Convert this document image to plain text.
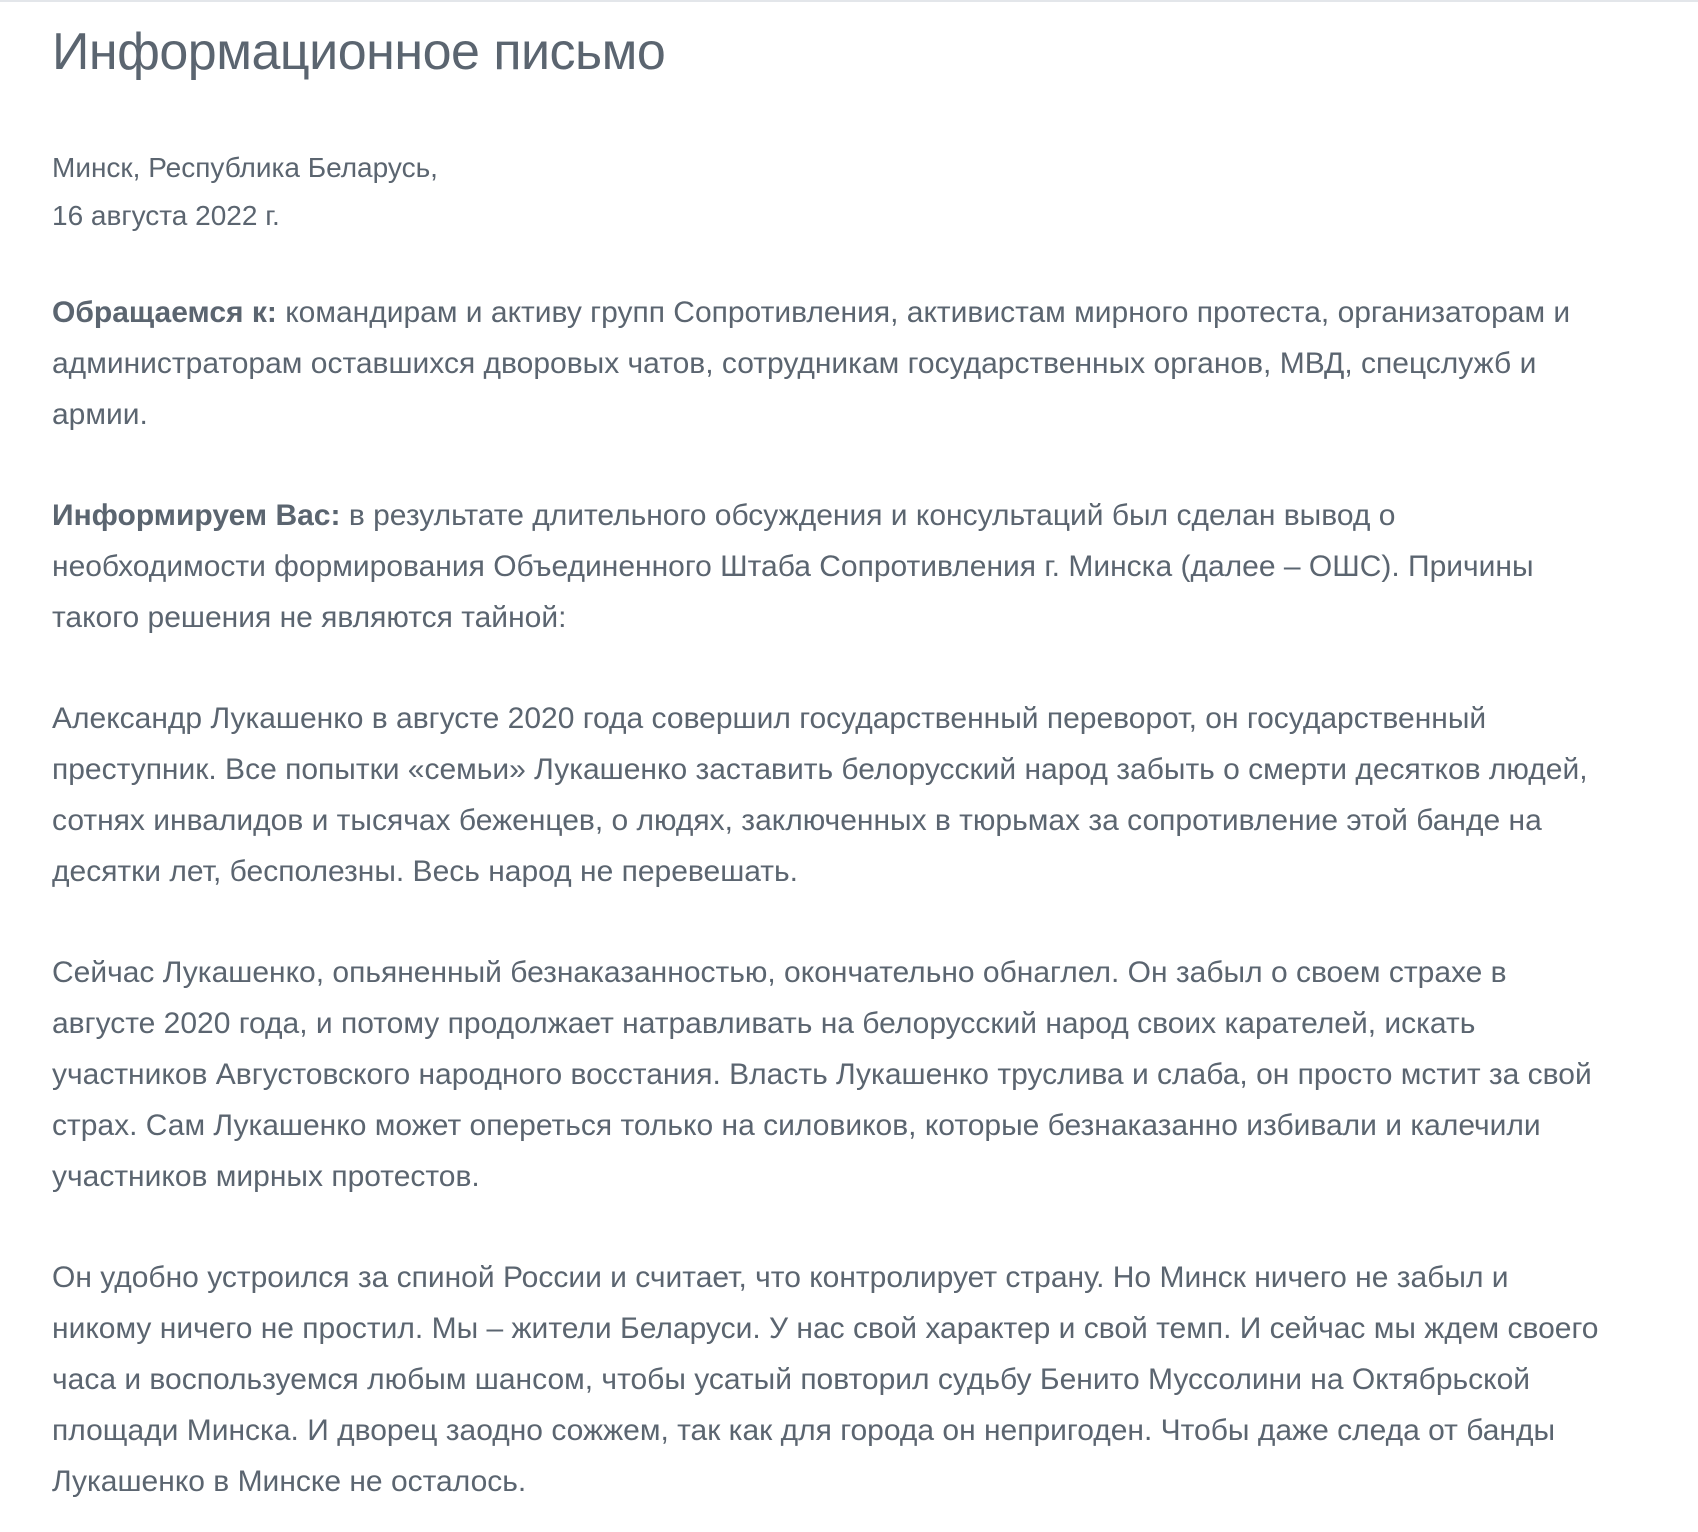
Информационное письмо
Минск, Республика Беларусь,
16 августа 2022 г.

Обращаемся к: командирам и активу групп Сопротивления, активистам мирного протеста, организаторам и администраторам оставшихся дворовых чатов, сотрудникам государственных органов, МВД, спецслужб и армии.

Информируем Вас: в результате длительного обсуждения и консультаций был сделан вывод о необходимости формирования Объединенного Штаба Сопротивления г. Минска (далее – ОШС). Причины такого решения не являются тайной:

Александр Лукашенко в августе 2020 года совершил государственный переворот, он государственный преступник. Все попытки «семьи» Лукашенко заставить белорусский народ забыть о смерти десятков людей, сотнях инвалидов и тысячах беженцев, о людях, заключенных в тюрьмах за сопротивление этой банде на десятки лет, бесполезны. Весь народ не перевешать.

Сейчас Лукашенко, опьяненный безнаказанностью, окончательно обнаглел. Он забыл о своем страхе в августе 2020 года, и потому продолжает натравливать на белорусский народ своих карателей, искать участников Августовского народного восстания. Власть Лукашенко труслива и слаба, он просто мстит за свой страх. Сам Лукашенко может опереться только на силовиков, которые безнаказанно избивали и калечили участников мирных протестов.

Он удобно устроился за спиной России и считает, что контролирует страну. Но Минск ничего не забыл и никому ничего не простил. Мы – жители Беларуси. У нас свой характер и свой темп. И сейчас мы ждем своего часа и воспользуемся любым шансом, чтобы усатый повторил судьбу Бенито Муссолини на Октябрьской площади Минска. И дворец заодно сожжем, так как для города он непригоден. Чтобы даже следа от банды Лукашенко в Минске не осталось.
